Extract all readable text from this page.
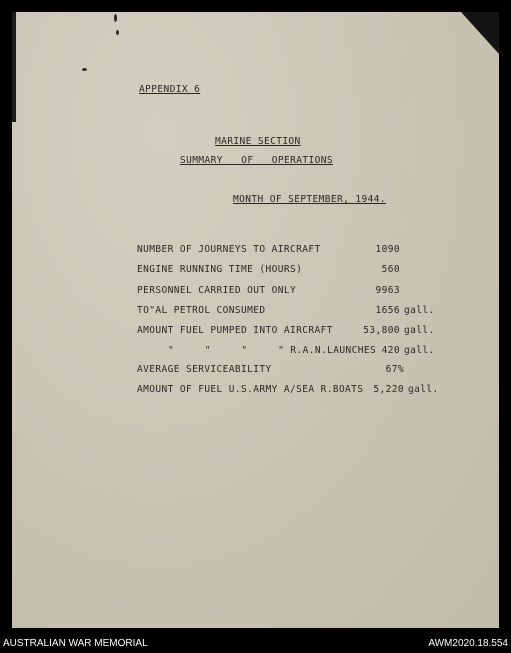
APPENDIX 6
MARINE SECTION
SUMMARY   OF   OPERATIONS
MONTH OF SEPTEMBER, 1944.
NUMBER OF JOURNEYS TO AIRCRAFT	1090
ENGINE RUNNING TIME (HOURS)	560
PERSONNEL CARRIED OUT ONLY	9963
TO"AL PETROL CONSUMED	1656 gall.
AMOUNT FUEL PUMPED INTO AIRCRAFT	53,800 gall.
"     "     "     " R.A.N.LAUNCHES 420 gall.
AVERAGE SERVICEABILITY	67%
AMOUNT OF FUEL U.S.ARMY A/SEA R.BOATS	5,220 gall.
AUSTRALIAN WAR MEMORIAL	AWM2020.18.554
